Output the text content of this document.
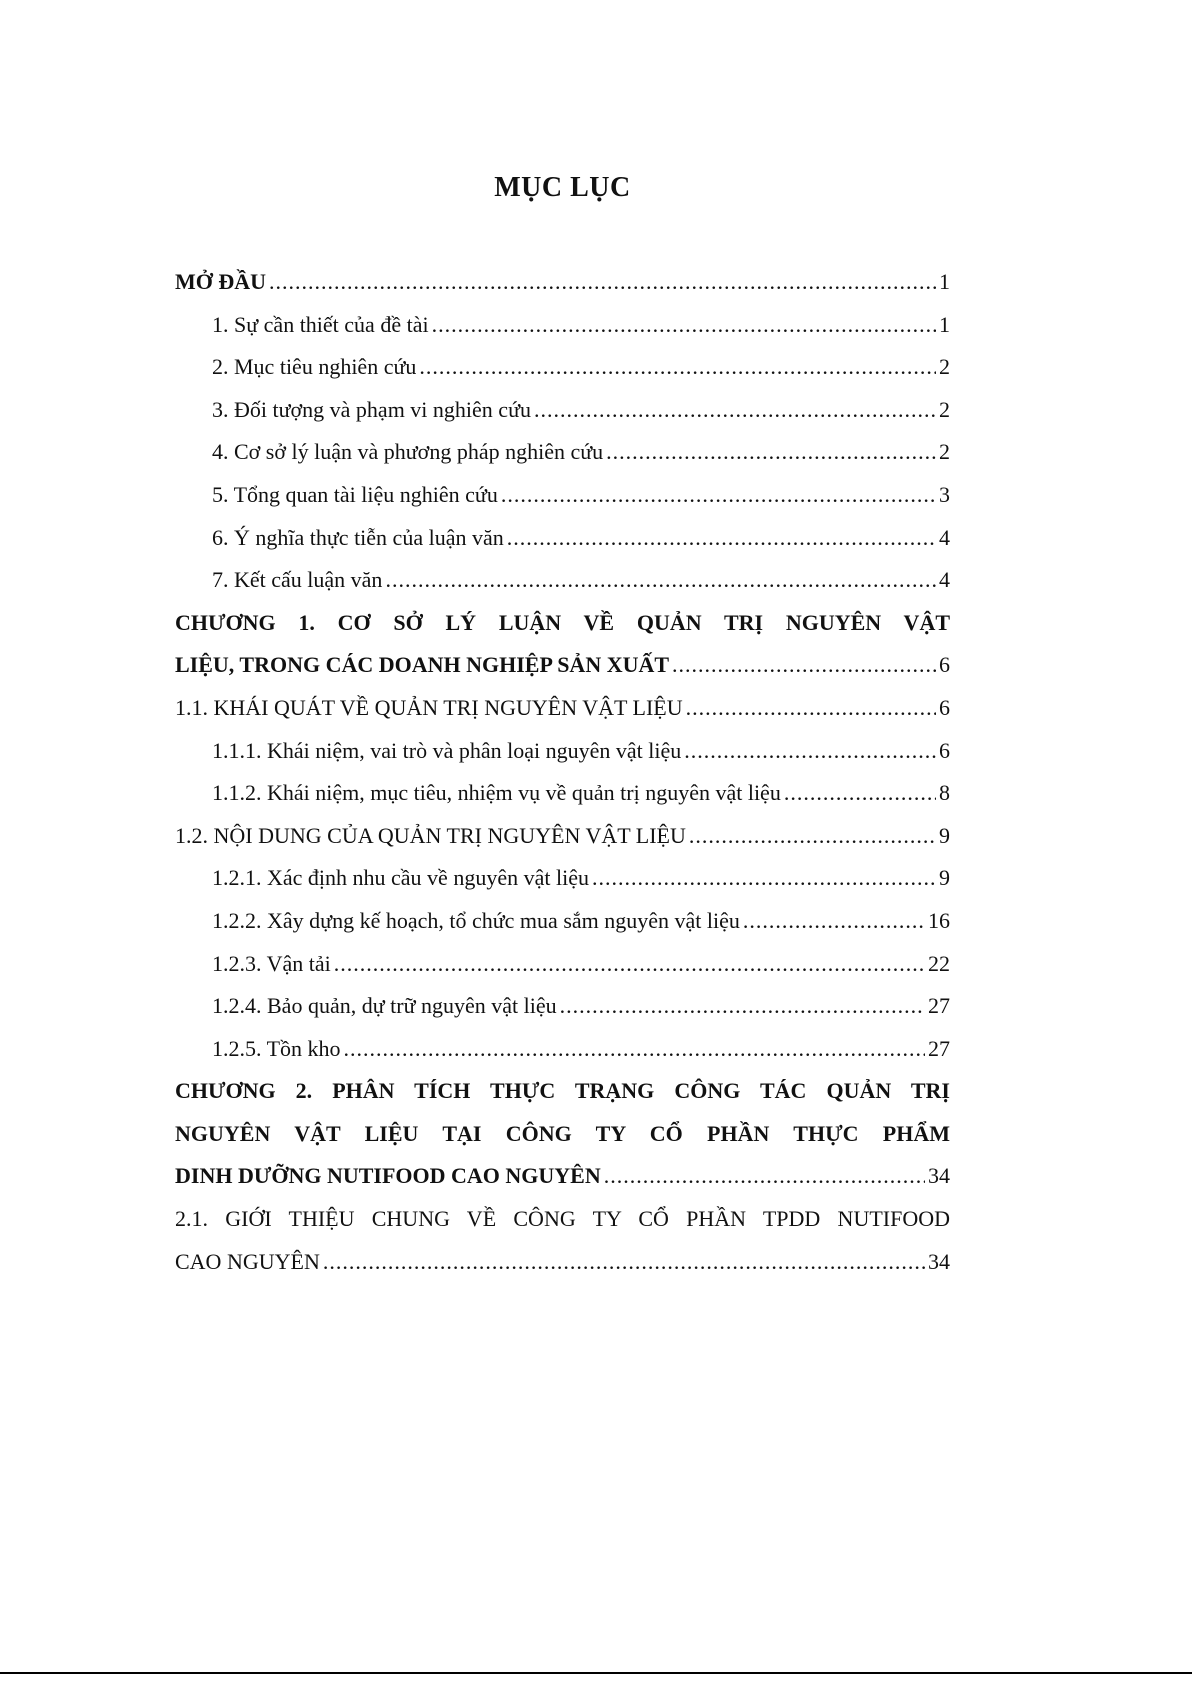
MỤC LỤC
MỞ ĐẦU .....	1
1. Sự cần thiết của đề tài .....	1
2. Mục tiêu nghiên cứu .....	2
3. Đối tượng và phạm vi nghiên cứu .....	2
4. Cơ sở lý luận và phương pháp nghiên cứu .....	2
5. Tổng quan tài liệu nghiên cứu .....	3
6. Ý nghĩa thực tiễn của luận văn .....	4
7. Kết cấu luận văn .....	4
CHƯƠNG 1. CƠ SỞ LÝ LUẬN VỀ QUẢN TRỊ NGUYÊN VẬT
LIỆU, TRONG CÁC DOANH NGHIỆP SẢN XUẤT .....	6
1.1. KHÁI QUÁT VỀ QUẢN TRỊ NGUYÊN VẬT LIỆU .....	6
1.1.1. Khái niệm, vai trò và phân loại nguyên vật liệu .....	6
1.1.2. Khái niệm, mục tiêu, nhiệm vụ về quản trị nguyên vật liệu .....	8
1.2. NỘI DUNG CỦA QUẢN TRỊ NGUYÊN VẬT LIỆU .....	9
1.2.1. Xác định nhu cầu về nguyên vật liệu .....	9
1.2.2. Xây dựng kế hoạch, tổ chức mua sắm nguyên vật liệu .....	16
1.2.3. Vận tải .....	22
1.2.4. Bảo quản, dự trữ nguyên vật liệu .....	27
1.2.5. Tồn kho .....	27
CHƯƠNG 2. PHÂN TÍCH THỰC TRẠNG CÔNG TÁC QUẢN TRỊ
NGUYÊN VẬT LIỆU TẠI CÔNG TY CỔ PHẦN THỰC PHẨM
DINH DƯỠNG NUTIFOOD CAO NGUYÊN .....	34
2.1. GIỚI THIỆU CHUNG VỀ CÔNG TY CỔ PHẦN TPDD NUTIFOOD
CAO NGUYÊN .....	34
